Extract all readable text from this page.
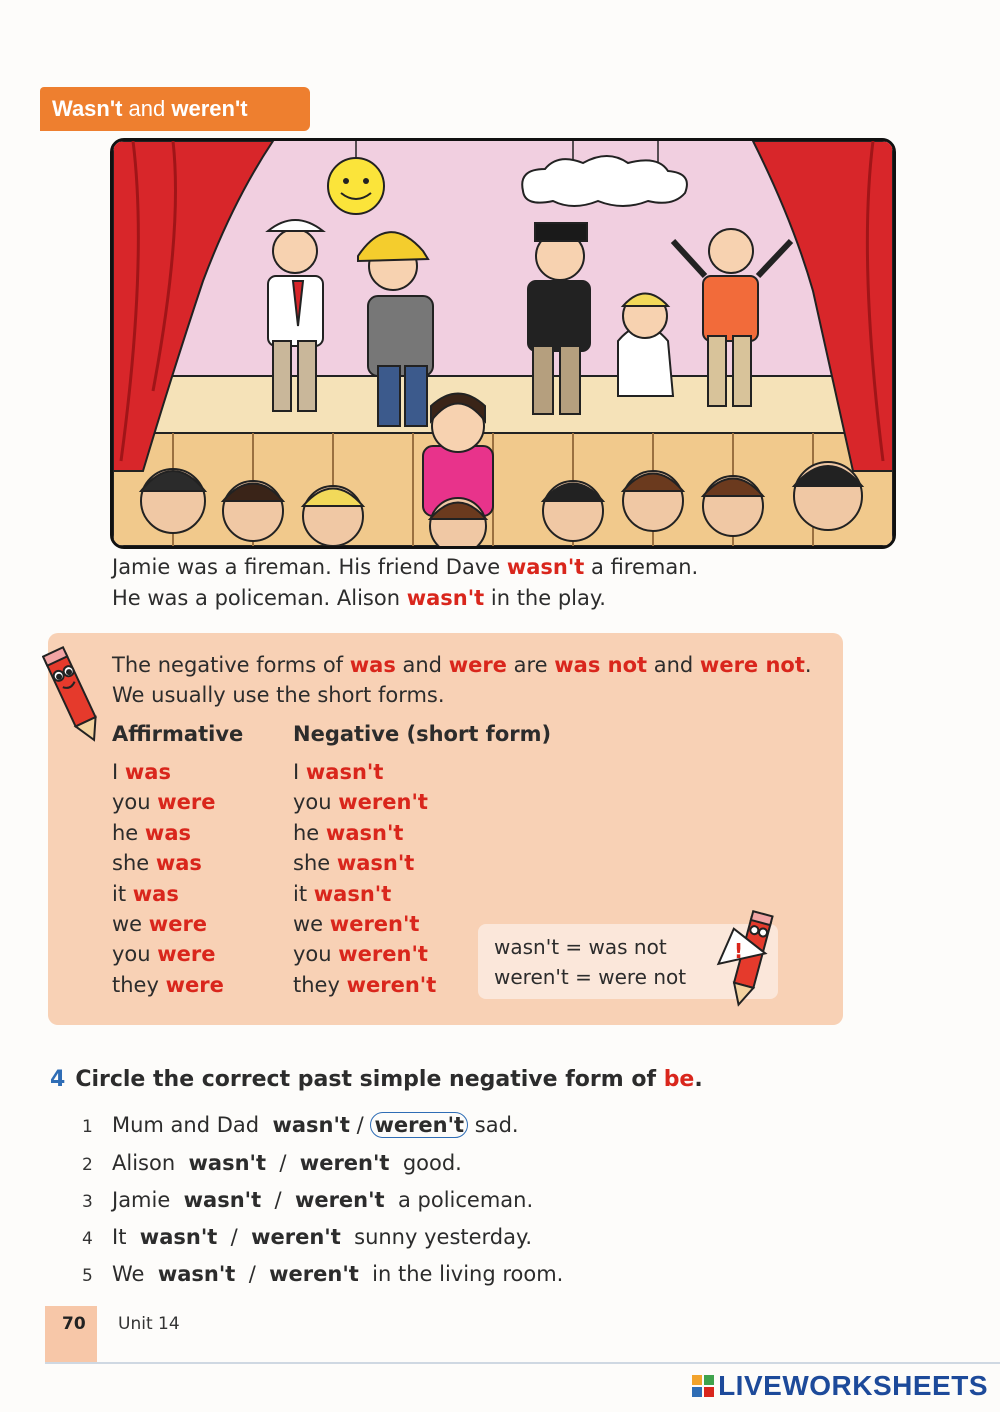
Wasn't and weren't
Jamie was a fireman. His friend Dave wasn't a fireman.
He was a policeman. Alison wasn't in the play.
The negative forms of was and were are was not and were not.
We usually use the short forms.
Affirmative Negative (short form)
I was
you were
he was
she was
it was
we were
you were
they were
I wasn't
you weren't
he wasn't
she wasn't
it wasn't
we weren't
you weren't
they weren't
wasn't = was not
weren't = were not
!
4 Circle the correct past simple negative form of be.
1 Mum and Dad wasn't / weren't sad.
2 Alison wasn't / weren't good.
3 Jamie wasn't / weren't a policeman.
4 It wasn't / weren't sunny yesterday.
5 We wasn't / weren't in the living room.
70 Unit 14
LIVEWORKSHEETS
